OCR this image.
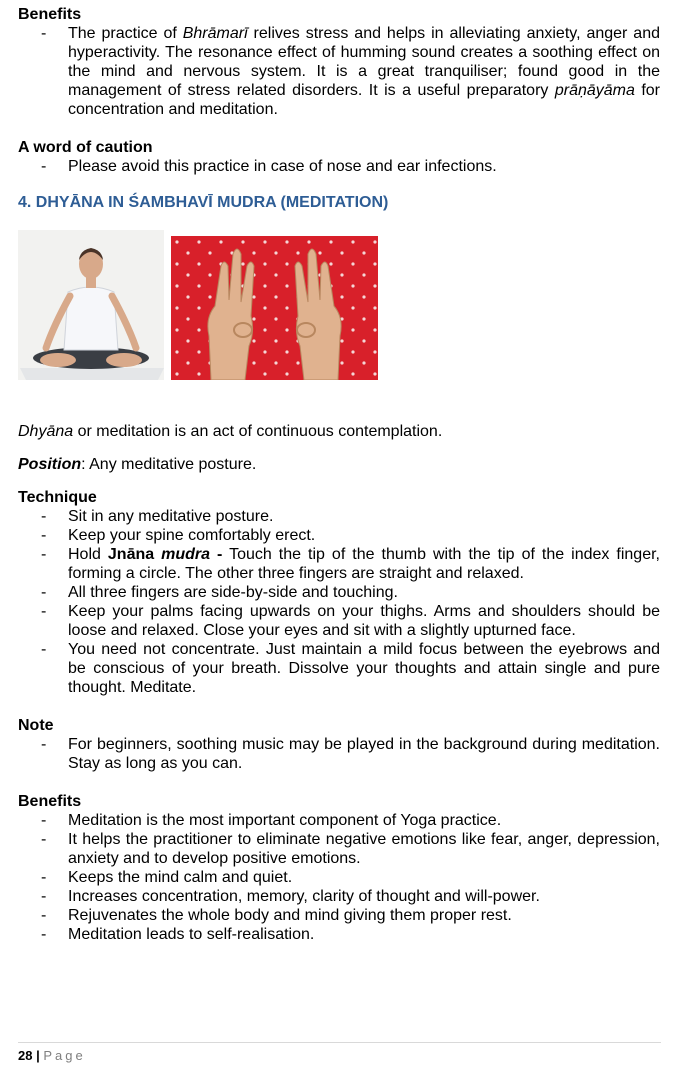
Benefits
- The practice of Bhrāmarī relives stress and helps in alleviating anxiety, anger and hyperactivity. The resonance effect of humming sound creates a soothing effect on the mind and nervous system. It is a great tranquiliser; found good in the management of stress related disorders. It is a useful preparatory prāṇāyāma for concentration and meditation.
A word of caution
- Please avoid this practice in case of nose and ear infections.
4. DHYĀNA IN ŚAMBHAVĪ MUDRA (MEDITATION)

Dhyāna or meditation is an act of continuous contemplation.

Position: Any meditative posture.

Technique
- Sit in any meditative posture.
- Keep your spine comfortably erect.
- Hold Jnāna mudra - Touch the tip of the thumb with the tip of the index finger, forming a circle. The other three fingers are straight and relaxed.
- All three fingers are side-by-side and touching.
- Keep your palms facing upwards on your thighs. Arms and shoulders should be loose and relaxed. Close your eyes and sit with a slightly upturned face.
- You need not concentrate. Just maintain a mild focus between the eyebrows and be conscious of your breath. Dissolve your thoughts and attain single and pure thought. Meditate.
Note
- For beginners, soothing music may be played in the background during meditation. Stay as long as you can.
Benefits
- Meditation is the most important component of Yoga practice.
- It helps the practitioner to eliminate negative emotions like fear, anger, depression, anxiety and to develop positive emotions.
- Keeps the mind calm and quiet.
- Increases concentration, memory, clarity of thought and will-power.
- Rejuvenates the whole body and mind giving them proper rest.
- Meditation leads to self-realisation.
28 | Page
